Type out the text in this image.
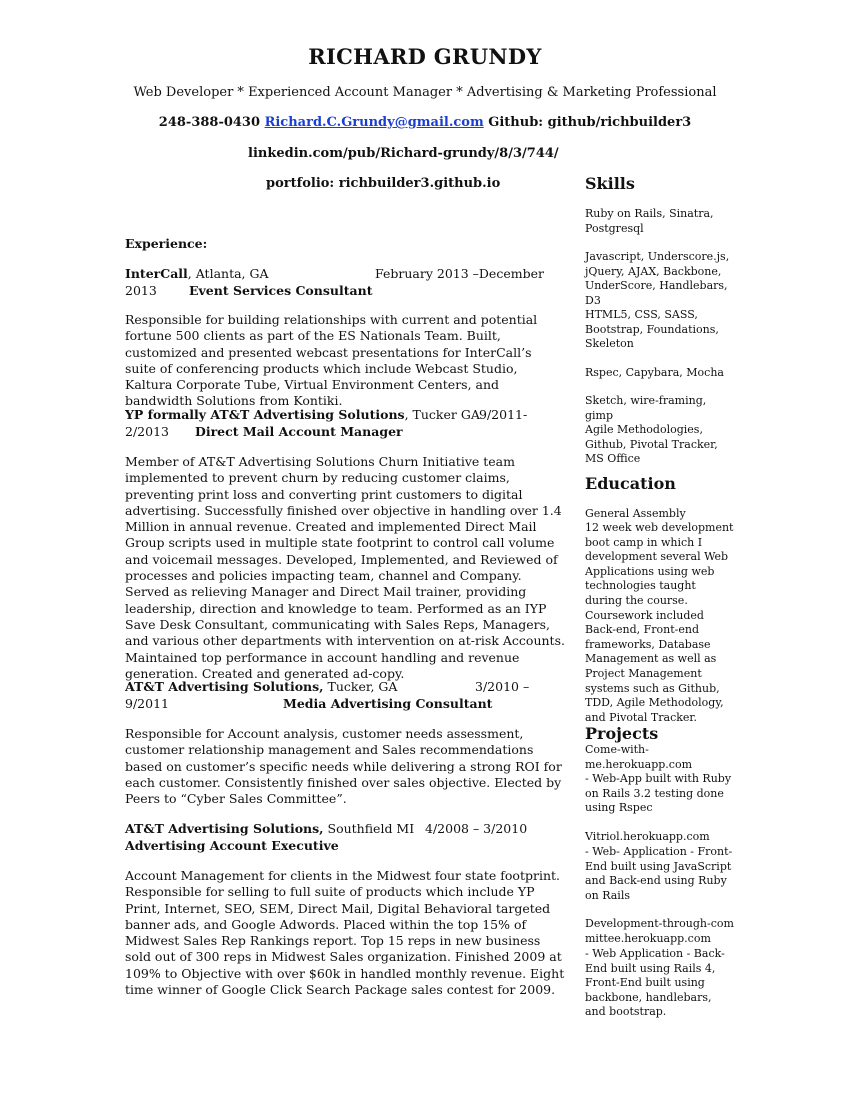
RICHARD GRUNDY
Web Developer * Experienced Account Manager * Advertising & Marketing Professional
248-388-0430 Richard.C.Grundy@gmail.com Github: github/richbuilder3
linkedin.com/pub/Richard-grundy/8/3/744/
portfolio: richbuilder3.github.io
Experience:
InterCall, Atlanta, GA	February 2013 –December
2013	Event Services Consultant

Responsible for building relationships with current and potential fortune 500 clients as part of the ES Nationals Team. Built, customized and presented webcast presentations for InterCall’s suite of conferencing products which include Webcast Studio, Kaltura Corporate Tube, Virtual Environment Centers, and bandwidth Solutions from Kontiki.

YP formally AT&T Advertising Solutions, Tucker GA 9/2011-
2/2013 Direct Mail Account Manager

Member of AT&T Advertising Solutions Churn Initiative team implemented to prevent churn by reducing customer claims, preventing print loss and converting print customers to digital advertising. Successfully finished over objective in handling over 1.4 Million in annual revenue. Created and implemented Direct Mail Group scripts used in multiple state footprint to control call volume and voicemail messages. Developed, Implemented, and Reviewed of processes and policies impacting team, channel and Company. Served as relieving Manager and Direct Mail trainer, providing leadership, direction and knowledge to team. Performed as an IYP Save Desk Consultant, communicating with Sales Reps, Managers, and various other departments with intervention on at-risk Accounts. Maintained top performance in account handling and revenue generation. Created and generated ad-copy.

AT&T Advertising Solutions, Tucker, GA	3/2010 –
9/2011	Media Advertising Consultant

Responsible for Account analysis, customer needs assessment, customer relationship management and Sales recommendations based on customer’s specific needs while delivering a strong ROI for each customer. Consistently finished over sales objective. Elected by Peers to “Cyber Sales Committee”.

AT&T Advertising Solutions, Southfield MI 4/2008 – 3/2010
Advertising Account Executive

Account Management for clients in the Midwest four state footprint. Responsible for selling to full suite of products which include YP Print, Internet, SEO, SEM, Direct Mail, Digital Behavioral targeted banner ads, and Google Adwords. Placed within the top 15% of Midwest Sales Rep Rankings report. Top 15 reps in new business sold out of 300 reps in Midwest Sales organization. Finished 2009 at 109% to Objective with over $60k in handled monthly revenue. Eight time winner of Google Click Search Package sales contest for 2009.

Skills
Ruby on Rails, Sinatra, Postgresql
Javascript, Underscore.js, jQuery, AJAX, Backbone, UnderScore, Handlebars, D3
HTML5, CSS, SASS, Bootstrap, Foundations, Skeleton
Rspec, Capybara, Mocha
Sketch, wire-framing, gimp
Agile Methodologies, Github, Pivotal Tracker, MS Office
Education
General Assembly
12 week web development boot camp in which I development several Web Applications using web technologies taught during the course. Coursework included Back-end, Front-end frameworks, Database Management as well as Project Management systems such as Github, TDD, Agile Methodology, and Pivotal Tracker.
Projects
Come-with-me.herokuapp.com
- Web-App built with Ruby on Rails 3.2 testing done using Rspec
Vitriol.herokuapp.com
- Web- Application - Front-End built using JavaScript and Back-end using Ruby on Rails
Development-through-committee.herokuapp.com
- Web Application - Back-End built using Rails 4, Front-End built using backbone, handlebars, and bootstrap.
